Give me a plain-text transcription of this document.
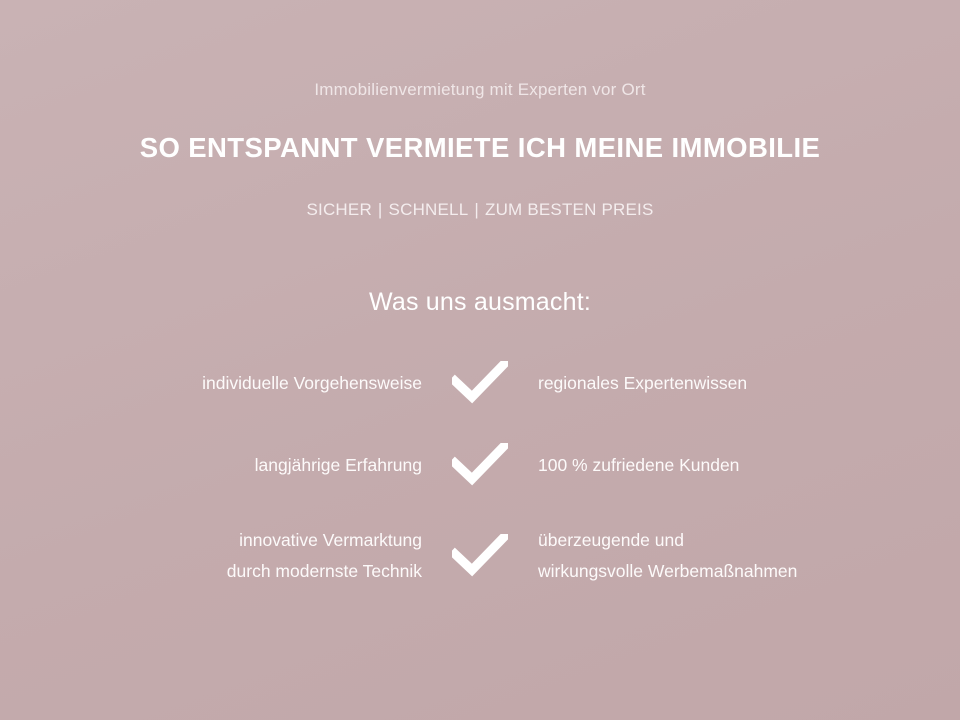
Immobilienvermietung mit Experten vor Ort

SO ENTSPANNT VERMIETE ICH MEINE IMMOBILIE

SICHER | SCHNELL | ZUM BESTEN PREIS

Was uns ausmacht:
individuelle Vorgehensweise	regionales Expertenwissen
langjährige Erfahrung	100 % zufriedene Kunden
innovative Vermarktung
durch modernste Technik
überzeugende und
wirkungsvolle Werbemaßnahmen
